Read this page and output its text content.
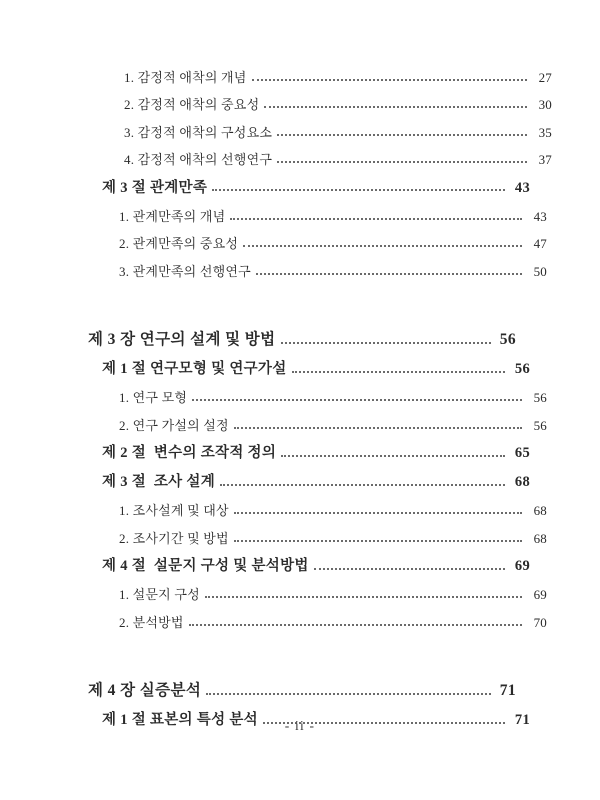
1. 감정적 애착의 개념	27
2. 감정적 애착의 중요성	30
3. 감정적 애착의 구성요소	35
4. 감정적 애착의 선행연구	37
제 3 절 관계만족	43
1. 관계만족의 개념	43
2. 관계만족의 중요성	47
3. 관계만족의 선행연구	50
제 3 장 연구의 설계 및 방법	56
제 1 절 연구모형 및 연구가설	56
1. 연구 모형	56
2. 연구 가설의 설정	56
제 2 절  변수의 조작적 정의	65
제 3 절  조사 설계	68
1. 조사설계 및 대상	68
2. 조사기간 및 방법	68
제 4 절  설문지 구성 및 분석방법	69
1. 설문지 구성	69
2. 분석방법	70
제 4 장 실증분석	71
제 1 절 표본의 특성 분석	71
- ii -
